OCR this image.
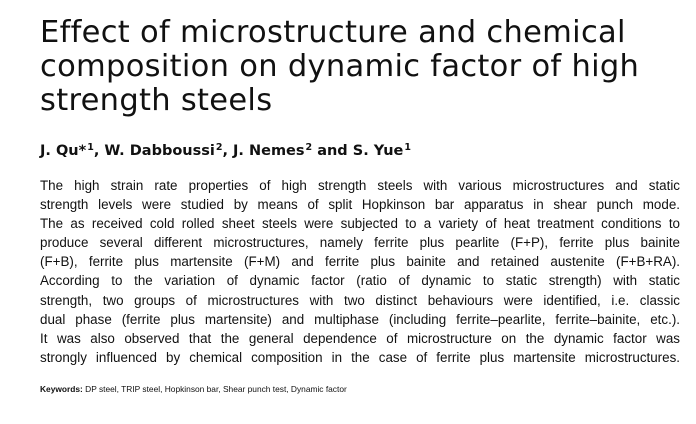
Effect of microstructure and chemical
composition on dynamic factor of high
strength steels

J. Qu*$^1$, W. Dabboussi$^2$, J. Nemes$^2$ and S. Yue$^1$

The high strain rate properties of high strength steels with various microstructures and static
strength levels were studied by means of split Hopkinson bar apparatus in shear punch mode.
The as received cold rolled sheet steels were subjected to a variety of heat treatment conditions to
produce several different microstructures, namely ferrite plus pearlite (F+P), ferrite plus bainite
(F+B), ferrite plus martensite (F+M) and ferrite plus bainite and retained austenite (F+B+RA).
According to the variation of dynamic factor (ratio of dynamic to static strength) with static
strength, two groups of microstructures with two distinct behaviours were identified, i.e. classic
dual phase (ferrite plus martensite) and multiphase (including ferrite–pearlite, ferrite–bainite, etc.).
It was also observed that the general dependence of microstructure on the dynamic factor was
strongly influenced by chemical composition in the case of ferrite plus martensite microstructures.
Keywords: DP steel, TRIP steel, Hopkinson bar, Shear punch test, Dynamic factor
